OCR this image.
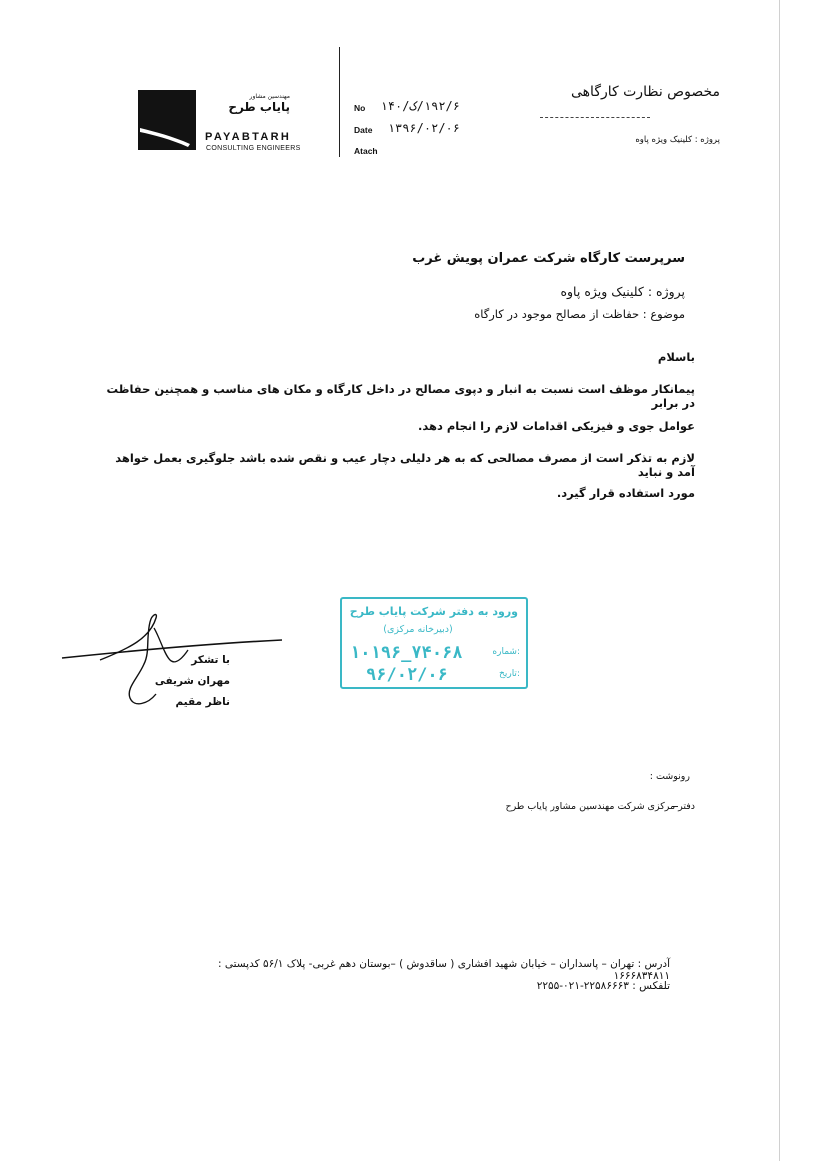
مهندسین مشاور
پایاب طرح
PAYABTARH
CONSULTING ENGINEERS
No ۱۹۲/۶/ک/۱۴۰
Date	۱۳۹۶/۰۲/۰۶
Atach
مخصوص نظارت کارگاهی
پروژه : کلینیک ویژه پاوه
سرپرست کارگاه شرکت عمران پویش غرب
پروژه : کلینیک ویژه پاوه
موضوع : حفاظت از مصالح موجود در کارگاه
باسلام
پیمانکار موظف است نسبت به انبار و دپوی مصالح در داخل کارگاه و مکان های مناسب و همچنین حفاظت در برابر
عوامل جوی و فیزیکی اقدامات لازم را انجام دهد.
لازم به تذکر است از مصرف مصالحی که به هر دلیلی دچار عیب و نقص شده باشد جلوگیری بعمل خواهد آمد و نباید
مورد استفاده قرار گیرد.
با تشکر
مهران شریفی
ناظر مقیم
ورود به دفتر شرکت پایاب طرح
(دبیرخانه مرکزی)
شماره:
۱۰۱۹۶_۷۴۰۶۸
تاریخ:
۹۶/۰۲/۰۶
رونوشت :
دفتر مرکزی شرکت مهندسین مشاور پایاب طرح
آدرس : تهران – پاسداران – خیابان شهید افشاری ( ساقدوش ) –بوستان دهم غربی- پلاک ۵۶/۱ کدپستی : ۱۶۶۶۸۳۴۸۱۱
تلفکس : ۲۲۵۸۶۶۶۳-۰۲۱-۲۲۵۵
